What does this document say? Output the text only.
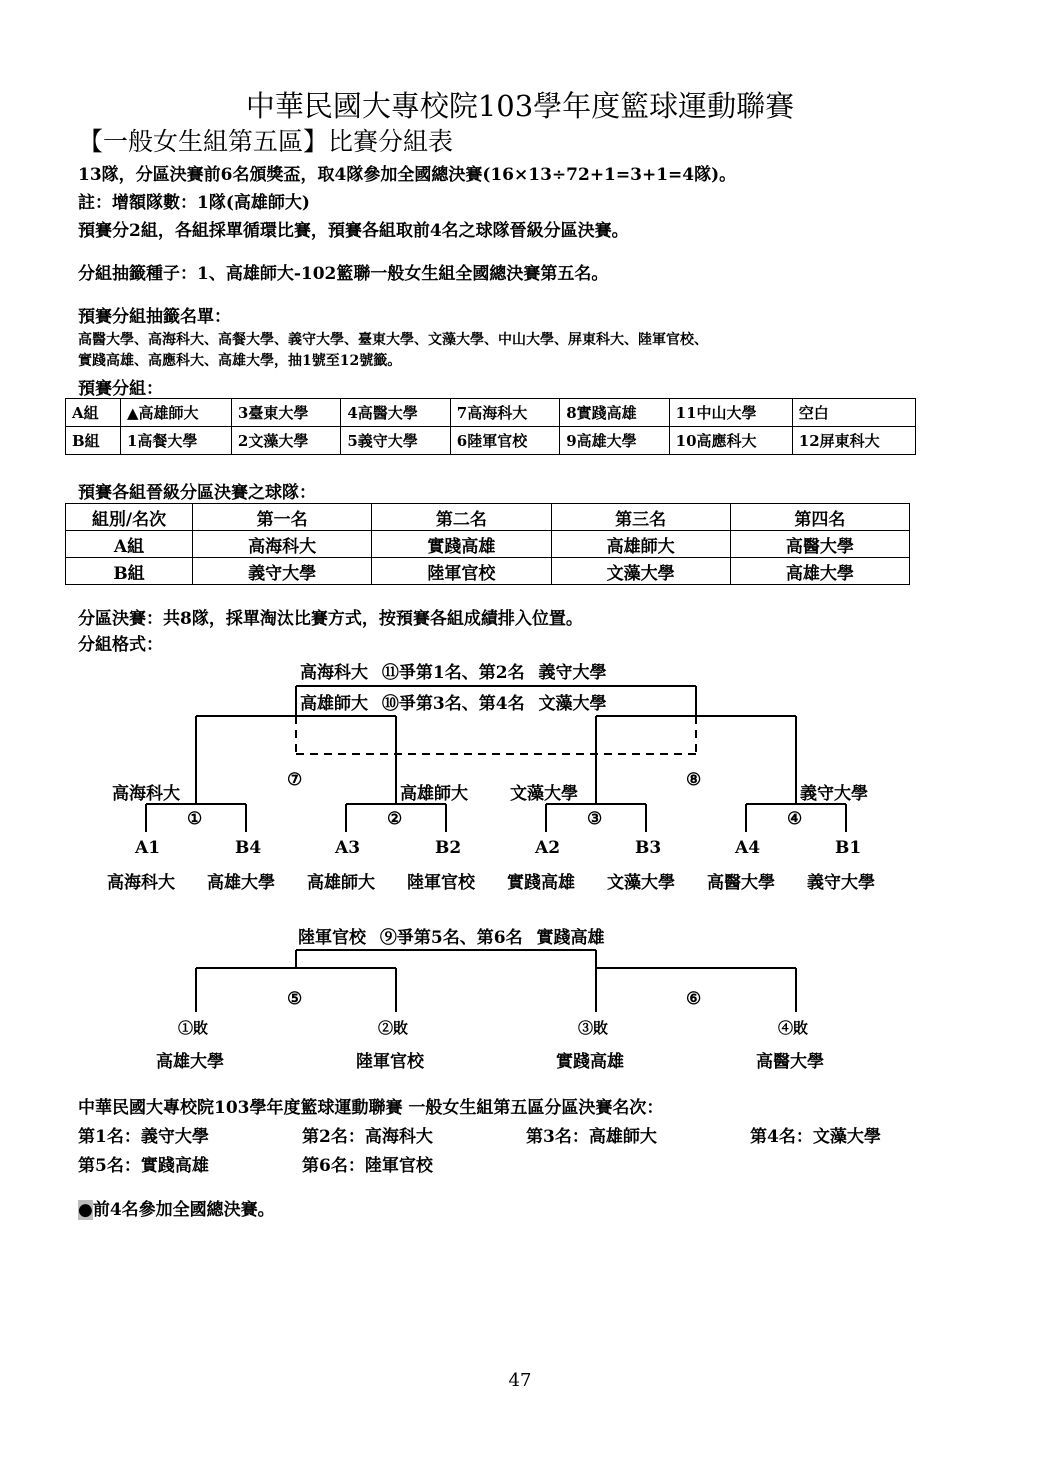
中華民國大專校院103學年度籃球運動聯賽
【一般女生組第五區】比賽分組表
13隊，分區決賽前6名頒獎盃，取4隊參加全國總決賽(16×13÷72+1=3+1=4隊)。
註：增額隊數：1隊(高雄師大)
預賽分2組，各組採單循環比賽，預賽各組取前4名之球隊晉級分區決賽。
分組抽籤種子：1、高雄師大-102籃聯一般女生組全國總決賽第五名。
預賽分組抽籤名單：
高醫大學、高海科大、高餐大學、義守大學、臺東大學、文藻大學、中山大學、屏東科大、陸軍官校、
實踐高雄、高應科大、高雄大學，抽1號至12號籤。
預賽分組：
A組	▲高雄師大	3臺東大學	4高醫大學	7高海科大	8實踐高雄	11中山大學	空白
B組	1高餐大學	2文藻大學	5義守大學	6陸軍官校	9高雄大學	10高應科大	12屏東科大
預賽各組晉級分區決賽之球隊：
組別/名次	第一名	第二名	第三名	第四名
A組	高海科大	實踐高雄	高雄師大	高醫大學
B組	義守大學	陸軍官校	文藻大學	高雄大學
分區決賽：共8隊，採單淘汰比賽方式，按預賽各組成績排入位置。
分組格式：
高海科大 ⑪爭第1名、第2名 義守大學
高雄師大 ⑩爭第3名、第4名 文藻大學
⑦	⑧
高海科大	高雄師大 文藻大學	義守大學
①	②	③	④
A1	B4	A3	B2	A2	B3	A4	B1
高海科大 高雄大學 高雄師大 陸軍官校 實踐高雄 文藻大學 高醫大學 義守大學
陸軍官校 ⑨爭第5名、第6名 實踐高雄
⑤	⑥
①敗	②敗	③敗	④敗
高雄大學	陸軍官校	實踐高雄	高醫大學
中華民國大專校院103學年度籃球運動聯賽 一般女生組第五區分區決賽名次：
第1名：義守大學	第2名：高海科大	第3名：高雄師大	第4名：文藻大學
第5名：實踐高雄	第6名：陸軍官校
●前4名參加全國總決賽。
47
